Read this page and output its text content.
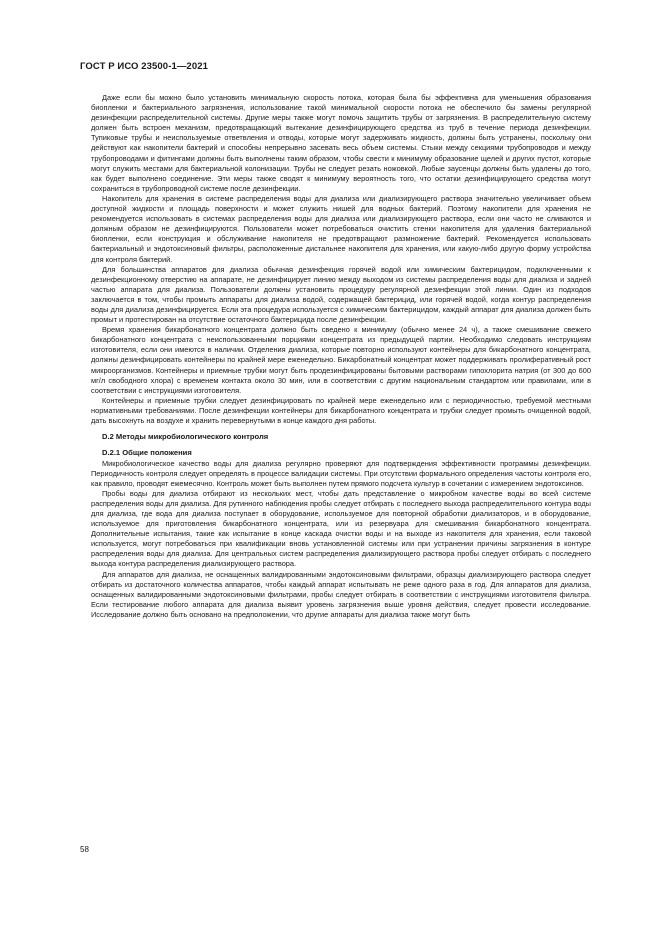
ГОСТ Р ИСО 23500-1—2021

Даже если бы можно было установить минимальную скорость потока, которая была бы эффективна для уменьшения образования биопленки и бактериального загрязнения, использование такой минимальной скорости потока не обеспечило бы замены регулярной дезинфекции распределительной системы. Другие меры также могут помочь защитить трубы от загрязнения. В распределительную систему должен быть встроен механизм, предотвращающий вытекание дезинфицирующего средства из труб в течение периода дезинфекции. Тупиковые трубы и неиспользуемые ответвления и отводы, которые могут задерживать жидкость, должны быть устранены, поскольку они действуют как накопители бактерий и способны непрерывно засевать весь объем системы. Стыки между секциями трубопроводов и между трубопроводами и фитингами должны быть выполнены таким образом, чтобы свести к минимуму образование щелей и других пустот, которые могут служить местами для бактериальной колонизации. Трубы не следует резать ножовкой. Любые заусенцы должны быть удалены до того, как будет выполнено соединение. Эти меры также сводят к минимуму вероятность того, что остатки дезинфицирующего средства могут сохраниться в трубопроводной системе после дезинфекции.

Накопитель для хранения в системе распределения воды для диализа или диализирующего раствора значительно увеличивает объем доступной жидкости и площадь поверхности и может служить нишей для водных бактерий. Поэтому накопители для хранения не рекомендуется использовать в системах распределения воды для диализа или диализирующего раствора, если они часто не сливаются и должным образом не дезинфицируются. Пользователи может потребоваться очистить стенки накопителя для удаления бактериальной биопленки, если конструкция и обслуживание накопителя не предотвращают размножение бактерий. Рекомендуется использовать бактериальный и эндотоксиновый фильтры, расположенные дистальнее накопителя для хранения, или какую-либо другую форму устройства для контроля бактерий.

Для большинства аппаратов для диализа обычная дезинфекция горячей водой или химическим бактерицидом, подключенными к дезинфекционному отверстию на аппарате, не дезинфицирует линию между выходом из системы распределения воды для диализа и задней частью аппарата для диализа. Пользователи должны установить процедуру регулярной дезинфекции этой линии. Один из подходов заключается в том, чтобы промыть аппараты для диализа водой, содержащей бактерицид, или горячей водой, когда контур распределения воды для диализа дезинфицируется. Если эта процедура используется с химическим бактерицидом, каждый аппарат для диализа должен быть промыт и протестирован на отсутствие остаточного бактерицида после дезинфекции.

Время хранения бикарбонатного концентрата должно быть сведено к минимуму (обычно менее 24 ч), а также смешивание свежего бикарбонатного концентрата с неиспользованными порциями концентрата из предыдущей партии. Необходимо следовать инструкциям изготовителя, если они имеются в наличии. Отделения диализа, которые повторно используют контейнеры для бикарбонатного концентрата, должны дезинфицировать контейнеры по крайней мере еженедельно. Бикарбонатный концентрат может поддерживать пролиферативный рост микроорганизмов. Контейнеры и приемные трубки могут быть продезинфицированы бытовыми растворами гипохлорита натрия (от 300 до 600 мг/л свободного хлора) с временем контакта около 30 мин, или в соответствии с другим национальным стандартом или правилами, или в соответствии с инструкциями изготовителя.

Контейнеры и приемные трубки следует дезинфицировать по крайней мере еженедельно или с периодичностью, требуемой местными нормативными требованиями. После дезинфекции контейнеры для бикарбонатного концентрата и трубки следует промыть очищенной водой, дать высохнуть на воздухе и хранить перевернутыми в конце каждого дня работы.

D.2 Методы микробиологического контроля
D.2.1 Общие положения

Микробиологическое качество воды для диализа регулярно проверяют для подтверждения эффективности программы дезинфекции. Периодичность контроля следует определять в процессе валидации системы. При отсутствии формального определения частоты контроля его, как правило, проводят ежемесячно. Контроль может быть выполнен путем прямого подсчета культур в сочетании с измерением эндотоксинов.

Пробы воды для диализа отбирают из нескольких мест, чтобы дать представление о микробном качестве воды во всей системе распределения воды для диализа. Для рутинного наблюдения пробы следует отбирать с последнего выхода распределительного контура воды для диализа, где вода для диализа поступает в оборудование, используемое для повторной обработки диализаторов, и в оборудование, используемое для приготовления бикарбонатного концентрата, или из резервуара для смешивания бикарбонатного концентрата. Дополнительные испытания, такие как испытание в конце каскада очистки воды и на выходе из накопителя для хранения, если таковой используется, могут потребоваться при квалификации вновь установленной системы или при устранении причины загрязнения в контуре распределения воды для диализа. Для центральных систем распределения диализирующего раствора пробы следует отбирать с последнего выхода контура распределения диализирующего раствора.

Для аппаратов для диализа, не оснащенных валидированными эндотоксиновыми фильтрами, образцы диализирующего раствора следует отбирать из достаточного количества аппаратов, чтобы каждый аппарат испытывать не реже одного раза в год. Для аппаратов для диализа, оснащенных валидированными эндотоксиновыми фильтрами, пробы следует отбирать в соответствии с инструкциями изготовителя фильтра. Если тестирование любого аппарата для диализа выявит уровень загрязнения выше уровня действия, следует провести исследование. Исследование должно быть основано на предположении, что другие аппараты для диализа также могут быть

58
